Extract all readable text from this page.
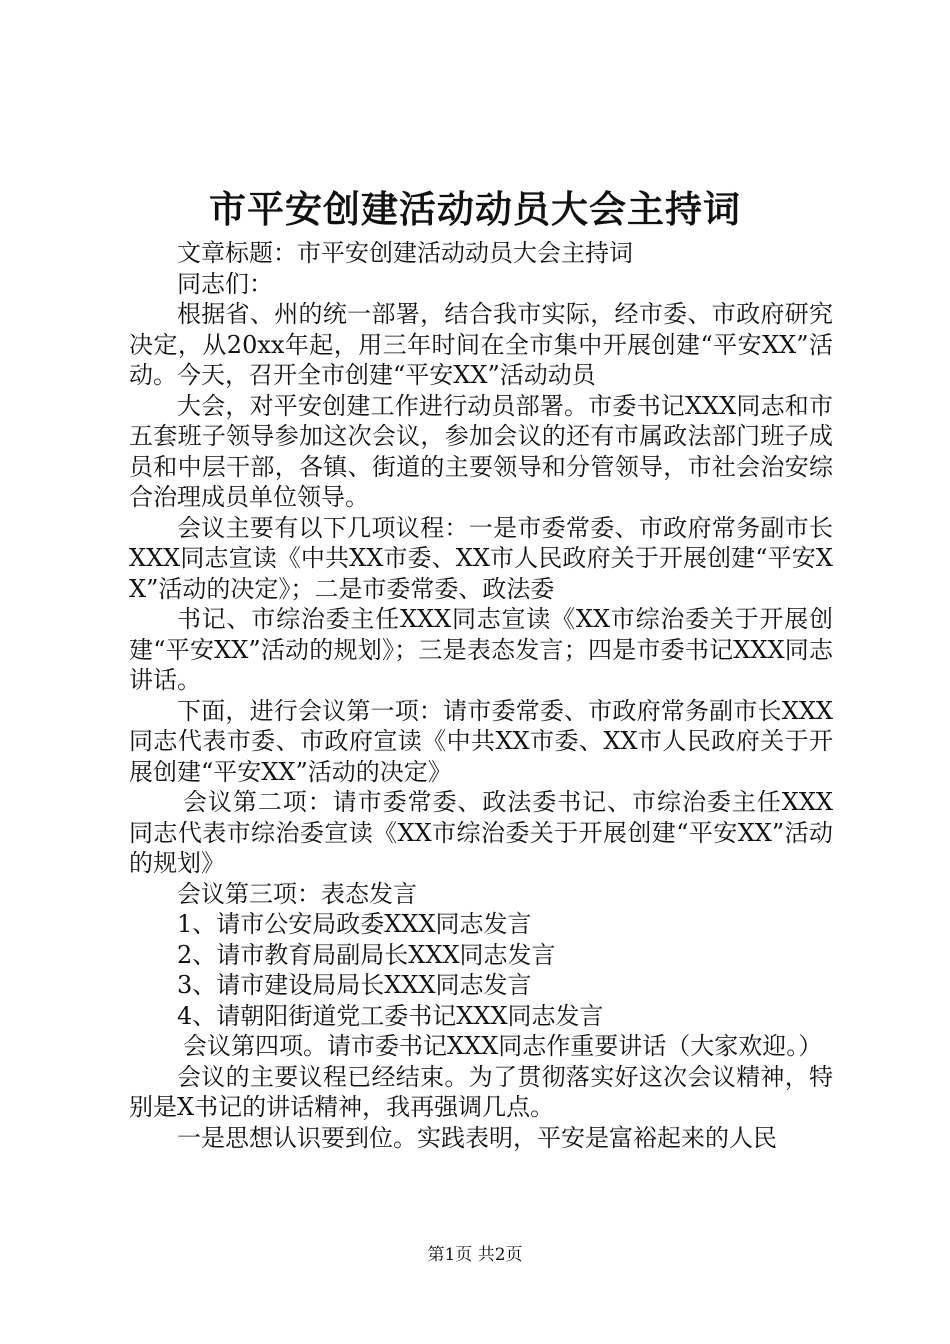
市平安创建活动动员大会主持词

文章标题：市平安创建活动动员大会主持词

同志们：

根据省、州的统一部署，结合我市实际，经市委、市政府研究决定，从20xx年起，用三年时间在全市集中开展创建“平安XX”活动。今天，召开全市创建“平安XX”活动动员

大会，对平安创建工作进行动员部署。市委书记XXX同志和市五套班子领导参加这次会议，参加会议的还有市属政法部门班子成员和中层干部，各镇、街道的主要领导和分管领导，市社会治安综合治理成员单位领导。

会议主要有以下几项议程：一是市委常委、市政府常务副市长XXX同志宣读《中共XX市委、XX市人民政府关于开展创建“平安XX”活动的决定》；二是市委常委、政法委

书记、市综治委主任XXX同志宣读《XX市综治委关于开展创建“平安XX”活动的规划》；三是表态发言；四是市委书记XXX同志讲话。

下面，进行会议第一项：请市委常委、市政府常务副市长XXX同志代表市委、市政府宣读《中共XX市委、XX市人民政府关于开展创建“平安XX”活动的决定》

会议第二项：请市委常委、政法委书记、市综治委主任XXX同志代表市综治委宣读《XX市综治委关于开展创建“平安XX”活动的规划》

会议第三项：表态发言

1、请市公安局政委XXX同志发言

2、请市教育局副局长XXX同志发言

3、请市建设局局长XXX同志发言

4、请朝阳街道党工委书记XXX同志发言

会议第四项。请市委书记XXX同志作重要讲话（大家欢迎。）

会议的主要议程已经结束。为了贯彻落实好这次会议精神，特别是X书记的讲话精神，我再强调几点。

一是思想认识要到位。实践表明，平安是富裕起来的人民

第1页 共2页
